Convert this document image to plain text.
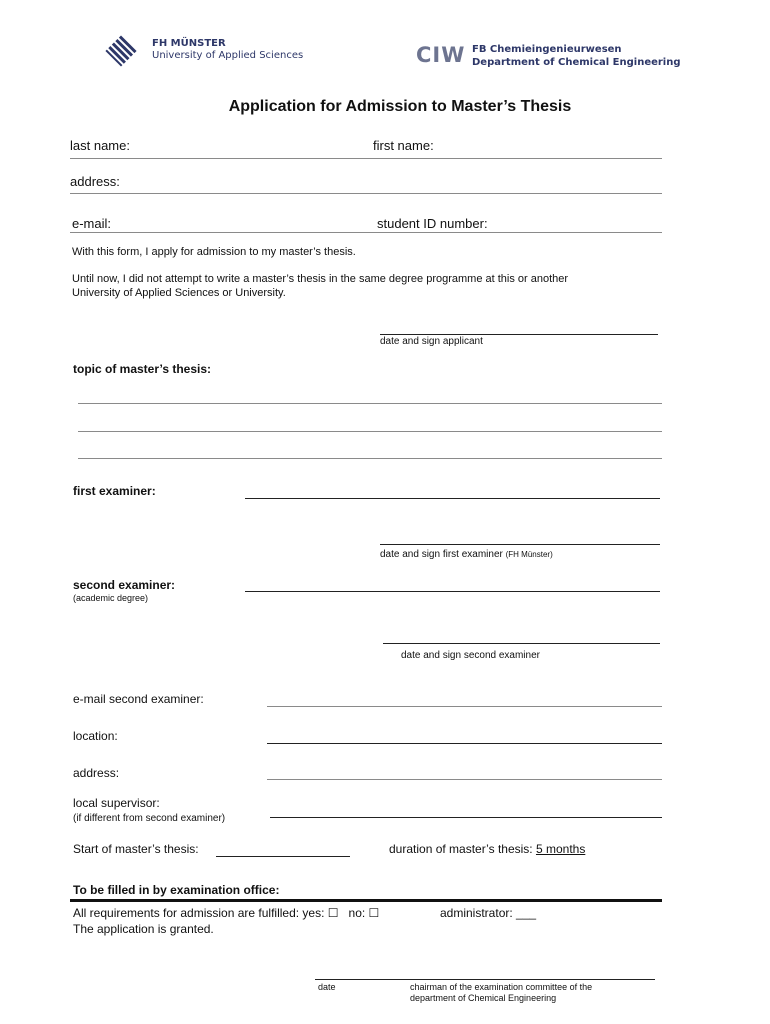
FH MÜNSTER
University of Applied Sciences	CIW FB Chemieingenieurwesen
Department of Chemical Engineering
Application for Admission to Master’s Thesis
last name:	first name:
address:
e-mail:	student ID number:
With this form, I apply for admission to my master’s thesis.
Until now, I did not attempt to write a master’s thesis in the same degree programme at this or another
University of Applied Sciences or University.
date and sign applicant
topic of master’s thesis:
first examiner:
date and sign first examiner (FH Münster)
second examiner:
(academic degree)
date and sign second examiner
e-mail second examiner:
location:
address:
local supervisor:
(if different from second examiner)
Start of master’s thesis:	duration of master’s thesis: 5 months
To be filled in by examination office:
All requirements for admission are fulfilled: yes: ☐   no: ☐	administrator: ___
The application is granted.
date	chairman of the examination committee of the
department of Chemical Engineering
